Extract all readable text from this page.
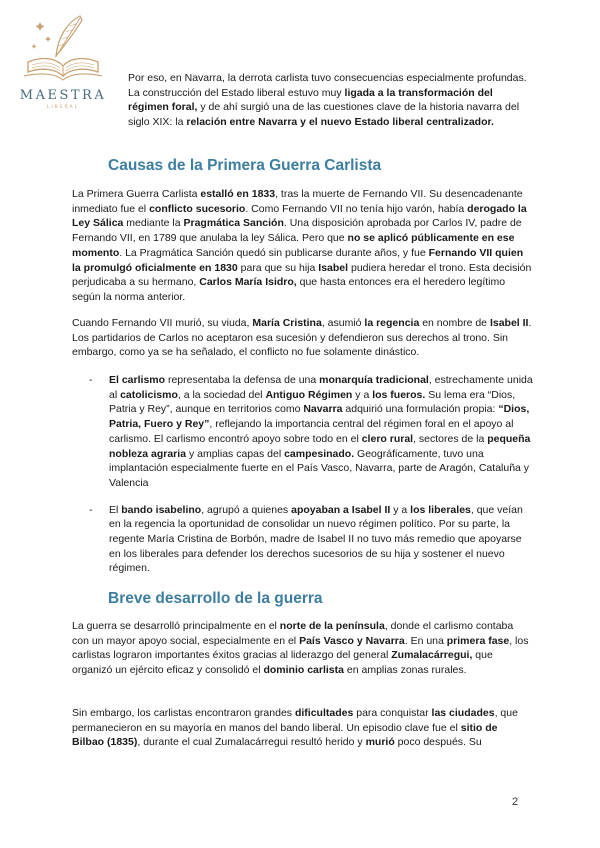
MAESTRA
LIBERAL

Por eso, en Navarra, la derrota carlista tuvo consecuencias especialmente profundas. La construcción del Estado liberal estuvo muy ligada a la transformación del régimen foral, y de ahí surgió una de las cuestiones clave de la historia navarra del siglo XIX: la relación entre Navarra y el nuevo Estado liberal centralizador.

Causas de la Primera Guerra Carlista

La Primera Guerra Carlista estalló en 1833, tras la muerte de Fernando VII. Su desencadenante inmediato fue el conflicto sucesorio. Como Fernando VII no tenía hijo varón, había derogado la Ley Sálica mediante la Pragmática Sanción. Una disposición aprobada por Carlos IV, padre de Fernando VII, en 1789 que anulaba la ley Sálica. Pero que no se aplicó públicamente en ese momento. La Pragmática Sanción quedó sin publicarse durante años, y fue Fernando VII quien la promulgó oficialmente en 1830 para que su hija Isabel pudiera heredar el trono. Esta decisión perjudicaba a su hermano, Carlos María Isidro, que hasta entonces era el heredero legítimo según la norma anterior.

Cuando Fernando VII murió, su viuda, María Cristina, asumió la regencia en nombre de Isabel II. Los partidarios de Carlos no aceptaron esa sucesión y defendieron sus derechos al trono. Sin embargo, como ya se ha señalado, el conflicto no fue solamente dinástico.

- El carlismo representaba la defensa de una monarquía tradicional, estrechamente unida al catolicismo, a la sociedad del Antiguo Régimen y a los fueros. Su lema era “Dios, Patria y Rey”, aunque en territorios como Navarra adquirió una formulación propia: “Dios, Patria, Fuero y Rey”, reflejando la importancia central del régimen foral en el apoyo al carlismo. El carlismo encontró apoyo sobre todo en el clero rural, sectores de la pequeña nobleza agraria y amplias capas del campesinado. Geográficamente, tuvo una implantación especialmente fuerte en el País Vasco, Navarra, parte de Aragón, Cataluña y Valencia
- El bando isabelino, agrupó a quienes apoyaban a Isabel II y a los liberales, que veían en la regencia la oportunidad de consolidar un nuevo régimen político. Por su parte, la regente María Cristina de Borbón, madre de Isabel II no tuvo más remedio que apoyarse en los liberales para defender los derechos sucesorios de su hija y sostener el nuevo régimen.
Breve desarrollo de la guerra

La guerra se desarrolló principalmente en el norte de la península, donde el carlismo contaba con un mayor apoyo social, especialmente en el País Vasco y Navarra. En una primera fase, los carlistas lograron importantes éxitos gracias al liderazgo del general Zumalacárregui, que organizó un ejército eficaz y consolidó el dominio carlista en amplias zonas rurales.

Sin embargo, los carlistas encontraron grandes dificultades para conquistar las ciudades, que permanecieron en su mayoría en manos del bando liberal. Un episodio clave fue el sitio de Bilbao (1835), durante el cual Zumalacárregui resultó herido y murió poco después. Su

2
